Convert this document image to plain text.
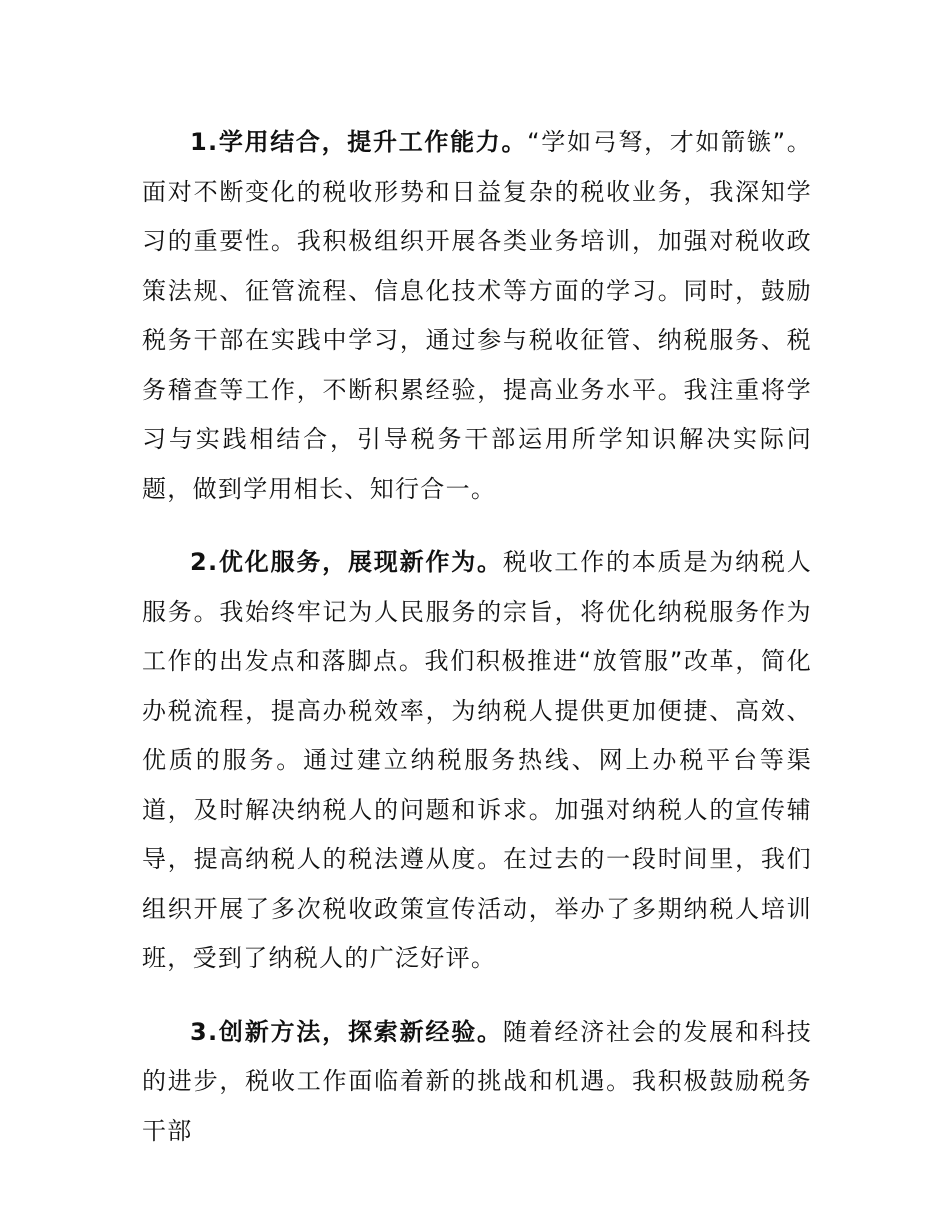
1.学用结合，提升工作能力。“学如弓弩，才如箭镞”。面对不断变化的税收形势和日益复杂的税收业务，我深知学习的重要性。我积极组织开展各类业务培训，加强对税收政策法规、征管流程、信息化技术等方面的学习。同时，鼓励税务干部在实践中学习，通过参与税收征管、纳税服务、税务稽查等工作，不断积累经验，提高业务水平。我注重将学习与实践相结合，引导税务干部运用所学知识解决实际问题，做到学用相长、知行合一。

2.优化服务，展现新作为。税收工作的本质是为纳税人服务。我始终牢记为人民服务的宗旨，将优化纳税服务作为工作的出发点和落脚点。我们积极推进“放管服”改革，简化办税流程，提高办税效率，为纳税人提供更加便捷、高效、优质的服务。通过建立纳税服务热线、网上办税平台等渠道，及时解决纳税人的问题和诉求。加强对纳税人的宣传辅导，提高纳税人的税法遵从度。在过去的一段时间里，我们组织开展了多次税收政策宣传活动，举办了多期纳税人培训班，受到了纳税人的广泛好评。

3.创新方法，探索新经验。随着经济社会的发展和科技的进步，税收工作面临着新的挑战和机遇。我积极鼓励税务干部
